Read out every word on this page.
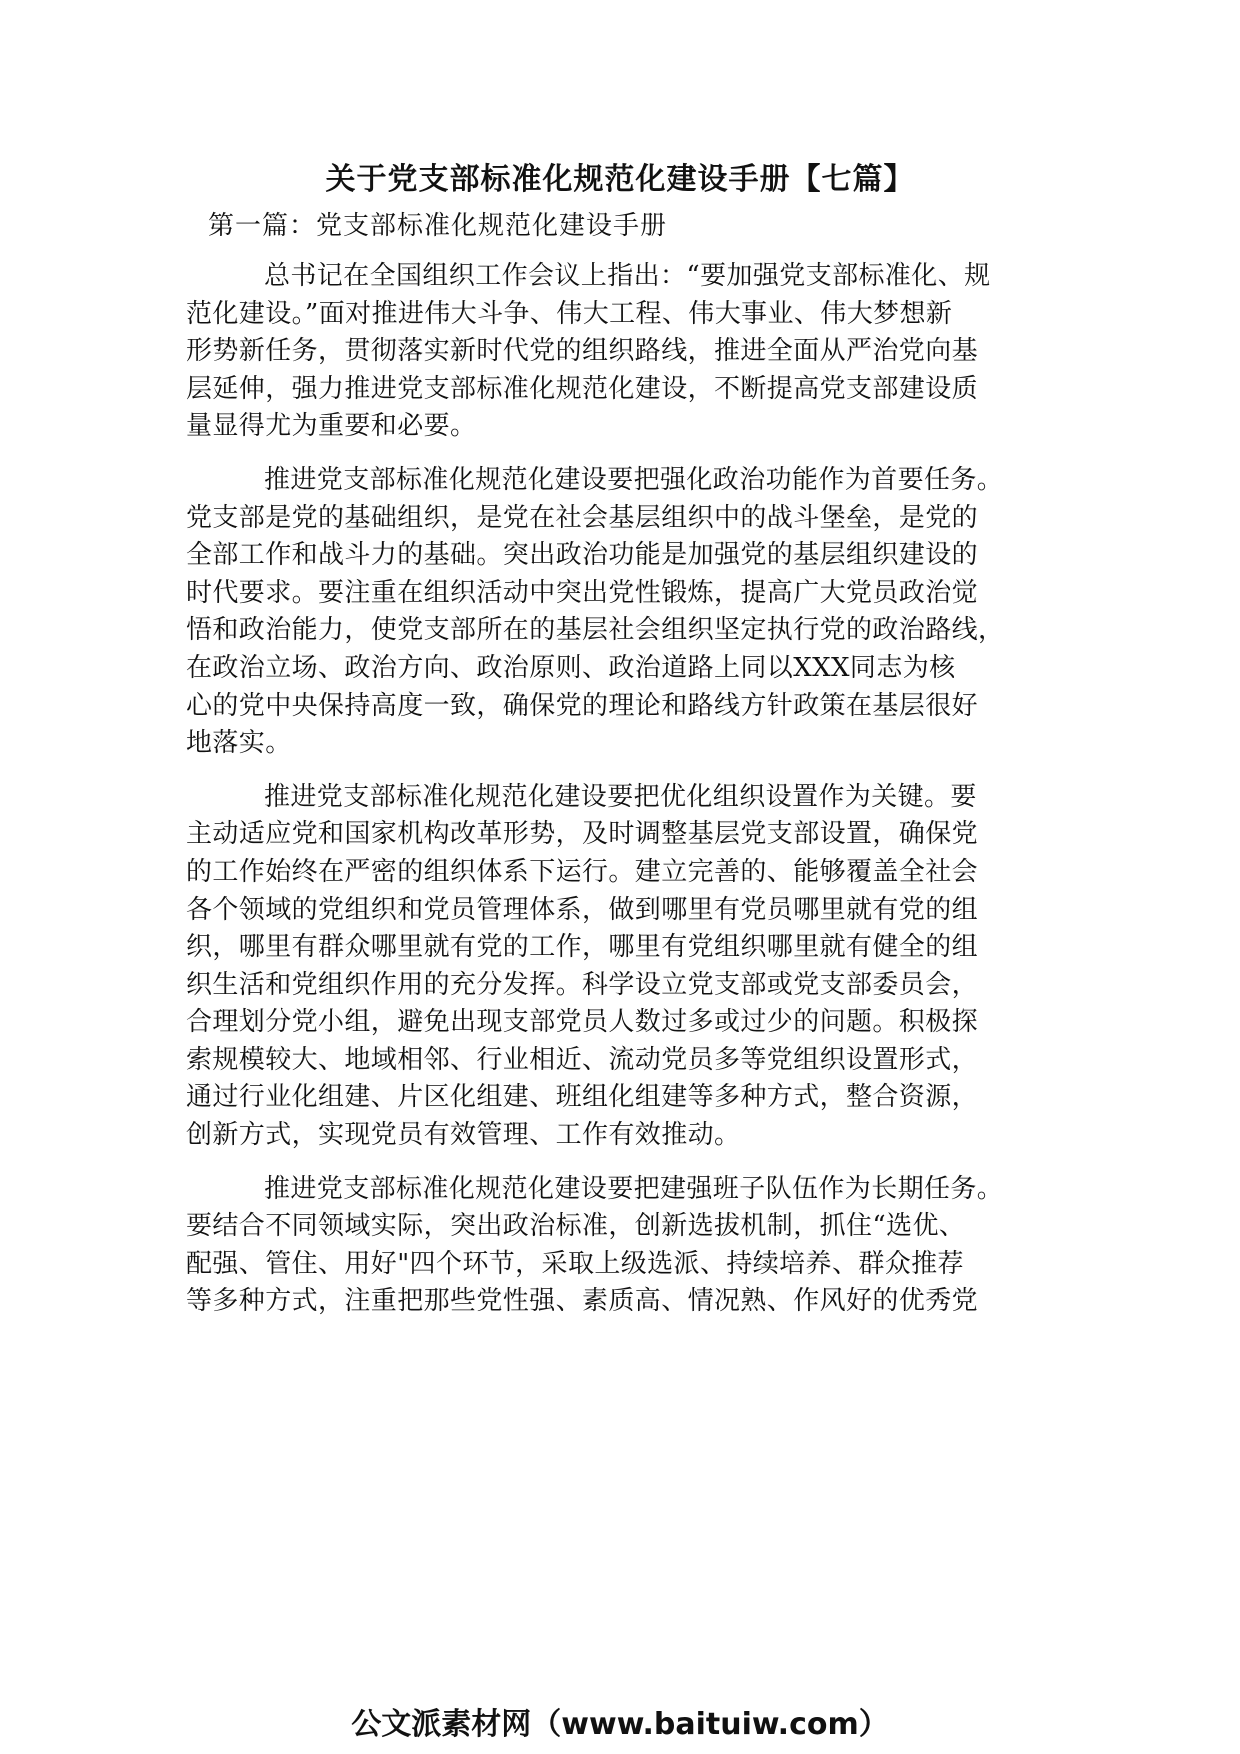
关于党支部标准化规范化建设手册【七篇】
第一篇：党支部标准化规范化建设手册

总书记在全国组织工作会议上指出：“要加强党支部标准化、规
范化建设。”面对推进伟大斗争、伟大工程、伟大事业、伟大梦想新
形势新任务，贯彻落实新时代党的组织路线，推进全面从严治党向基
层延伸，强力推进党支部标准化规范化建设，不断提高党支部建设质
量显得尤为重要和必要。

推进党支部标准化规范化建设要把强化政治功能作为首要任务。
党支部是党的基础组织，是党在社会基层组织中的战斗堡垒，是党的
全部工作和战斗力的基础。突出政治功能是加强党的基层组织建设的
时代要求。要注重在组织活动中突出党性锻炼，提高广大党员政治觉
悟和政治能力，使党支部所在的基层社会组织坚定执行党的政治路线，
在政治立场、政治方向、政治原则、政治道路上同以XXX同志为核
心的党中央保持高度一致，确保党的理论和路线方针政策在基层很好
地落实。

推进党支部标准化规范化建设要把优化组织设置作为关键。要
主动适应党和国家机构改革形势，及时调整基层党支部设置，确保党
的工作始终在严密的组织体系下运行。建立完善的、能够覆盖全社会
各个领域的党组织和党员管理体系，做到哪里有党员哪里就有党的组
织，哪里有群众哪里就有党的工作，哪里有党组织哪里就有健全的组
织生活和党组织作用的充分发挥。科学设立党支部或党支部委员会，
合理划分党小组，避免出现支部党员人数过多或过少的问题。积极探
索规模较大、地域相邻、行业相近、流动党员多等党组织设置形式，
通过行业化组建、片区化组建、班组化组建等多种方式，整合资源，
创新方式，实现党员有效管理、工作有效推动。

推进党支部标准化规范化建设要把建强班子队伍作为长期任务。
要结合不同领域实际，突出政治标准，创新选拔机制，抓住“选优、
配强、管住、用好"四个环节，采取上级选派、持续培养、群众推荐
等多种方式，注重把那些党性强、素质高、情况熟、作风好的优秀党

公文派素材网（www.baituiw.com）
